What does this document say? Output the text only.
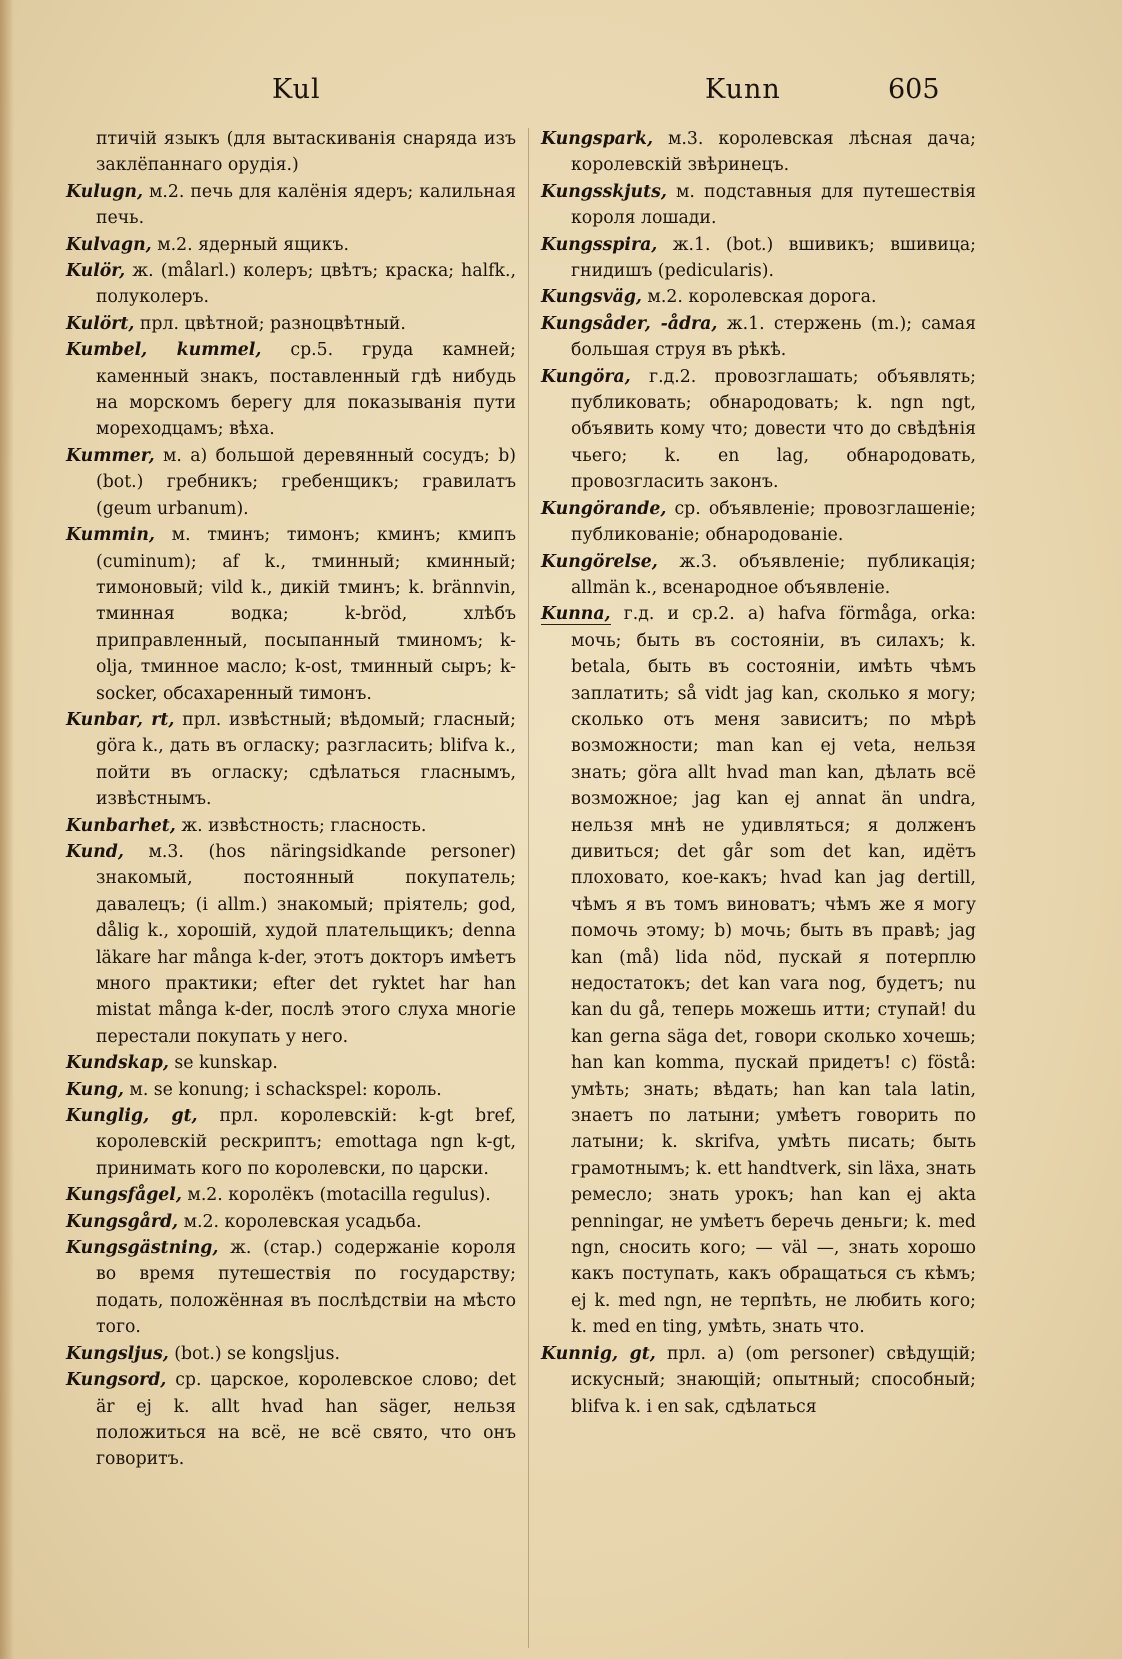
Kul	Kunn	605

птичій языкъ (для вытаскиванія снаряда изъ заклёпаннаго орудія.)

Kulugn, м.2. печь для калёнія ядеръ; калильная печь.

Kulvagn, м.2. ядерный ящикъ.

Kulör, ж. (målarl.) колеръ; цвѣтъ; краска; halfk., полуколеръ.

Kulört, прл. цвѣтной; разноцвѣтный.

Kumbel, kummel, ср.5. груда камней; каменный знакъ, поставленный гдѣ нибудь на морскомъ берегу для показыванія пути мореходцамъ; вѣха.

Kummer, м. a) большой деревянный сосудъ; b) (bot.) гребникъ; гребенщикъ; гравилатъ (geum urbanum).

Kummin, м. тминъ; тимонъ; кминъ; кмипъ (cuminum); af k., тминный; кминный; тимоновый; vild k., дикій тминъ; k. brännvin, тминная водка; k-bröd, хлѣбъ приправленный, посыпанный тминомъ; k-olja, тминное масло; k-ost, тминный сыръ; k-socker, обсахаренный тимонъ.

Kunbar, rt, прл. извѣстный; вѣдомый; гласный; göra k., дать въ огласку; разгласить; blifva k., пойти въ огласку; сдѣлаться гласнымъ, извѣстнымъ.

Kunbarhet, ж. извѣстность; гласность.

Kund, м.3. (hos näringsidkande personer) знакомый, постоянный покупатель; давалецъ; (i allm.) знакомый; пріятель; god, dålig k., хорошій, худой плательщикъ; denna läkare har många k-der, этотъ докторъ имѣетъ много практики; efter det ryktet har han mistat många k-der, послѣ этого слуха многіе перестали покупать у него.

Kundskap, se kunskap.

Kung, м. se konung; i schackspel: король.

Kunglig, gt, прл. королевскій: k-gt bref, королевскій рескриптъ; emottaga ngn k-gt, принимать кого по королевски, по царски.

Kungsfågel, м.2. королёкъ (motacilla regulus).

Kungsgård, м.2. королевская усадьба.

Kungsgästning, ж. (стар.) содержаніе короля во время путешествія по государству; подать, положённая въ послѣдствіи на мѣсто того.

Kungsljus, (bot.) se kongsljus.

Kungsord, ср. царское, королевское слово; det är ej k. allt hvad han säger, нельзя положиться на всё, не всё свято, что онъ говоритъ.

Kungspark, м.3. королевская лѣсная дача; королевскій звѣринецъ.

Kungsskjuts, м. подставныя для путешествія короля лошади.

Kungsspira, ж.1. (bot.) вшивикъ; вшивица; гнидишъ (pedicularis).

Kungsväg, м.2. королевская дорога.

Kungsåder, -ådra, ж.1. стержень (m.); самая большая струя въ рѣкѣ.

Kungöra, г.д.2. провозглашать; объявлять; публиковать; обнародовать; k. ngn ngt, объявить кому что; довести что до свѣдѣнія чьего; k. en lag, обнародовать, провозгласить законъ.

Kungörande, ср. объявленіе; провозглашеніе; публикованіе; обнародованіе.

Kungörelse, ж.3. объявленіе; публикація; allmän k., всенародное объявленіе.

Kunna, г.д. и ср.2. a) hafva förmåga, orka: мочь; быть въ состояніи, въ силахъ; k. betala, быть въ состояніи, имѣть чѣмъ заплатить; så vidt jag kan, сколько я могу; сколько отъ меня зависитъ; по мѣрѣ возможности; man kan ej veta, нельзя знать; göra allt hvad man kan, дѣлать всё возможное; jag kan ej annat än undra, нельзя мнѣ не удивляться; я долженъ дивиться; det går som det kan, идётъ плоховато, кое-какъ; hvad kan jag dertill, чѣмъ я въ томъ виноватъ; чѣмъ же я могу помочь этому; b) мочь; быть въ правѣ; jag kan (må) lida nöd, пускай я потерплю недостатокъ; det kan vara nog, будетъ; nu kan du gå, теперь можешь итти; ступай! du kan gerna säga det, говори сколько хочешь; han kan komma, пускай придетъ! c) föstå: умѣть; знать; вѣдать; han kan tala latin, знаетъ по латыни; умѣетъ говорить по латыни; k. skrifva, умѣть писать; быть грамотнымъ; k. ett handtverk, sin läxa, знать ремесло; знать урокъ; han kan ej akta penningar, не умѣетъ беречь деньги; k. med ngn, сносить кого; — väl —, знать хорошо какъ поступать, какъ обращаться съ кѣмъ; ej k. med ngn, не терпѣть, не любить кого; k. med en ting, умѣть, знать что.

Kunnig, gt, прл. a) (om personer) свѣдущій; искусный; знающій; опытный; способный; blifva k. i en sak, сдѣлаться
